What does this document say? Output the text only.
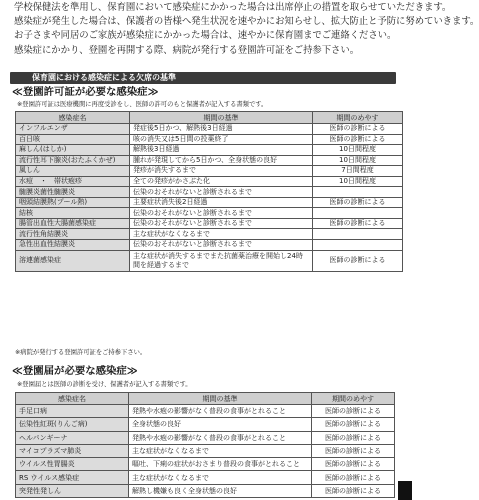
学校保健法を準用し、保育園において感染症にかかった場合は出席停止の措置を取らせていただきます。

感染症が発生した場合は、保護者の皆様へ発生状況を速やかにお知らせし、拡大防止と予防に努めていきます。

お子さまや同居のご家族が感染症にかかった場合は、速やかに保育園までご連絡ください。

感染症にかかり、登園を再開する際、病院が発行する登園許可証をご持参下さい。

保育園における感染症による欠席の基準
≪登園許可証が必要な感染症≫
※登園許可証は医療機関に再度受診をし、医師の許可のもと保護者が記入する書類です。
感染症名	期間の基準	期間のめやす
インフルエンザ	発症後5日かつ、解熱後3日経過	医師の診断による
百日咳	咳の消失又は5日間の投薬終了	医師の診断による
麻しん(はしか)	解熱後3日経過	10日間程度
流行性耳下腺炎(おたふくかぜ)	腫れが発現してから5日かつ、全身状態の良好	10日間程度
風しん	発疹が消失するまで	7日間程度
水痘　・　帯状疱疹	全ての発疹がかさぶた化	10日間程度
髄膜炎菌性髄膜炎	伝染のおそれがないと診断されるまで	
咽頭結膜熱(プール熱)	主要症状消失後2日経過	医師の診断による
結核	伝染のおそれがないと診断されるまで	
腸管出血性大腸菌感染症	伝染のおそれがないと診断されるまで	医師の診断による
流行性角結膜炎	主な症状がなくなるまで	
急性出血性結膜炎	伝染のおそれがないと診断されるまで	
溶連菌感染症	主な症状が消失するまでまた抗菌薬治療を開始し24時間を経過するまで	医師の診断による
※病院が発行する登園許可証をご持参下さい。
≪登園届が必要な感染症≫
※登園届とは医師の診断を受け、保護者が記入する書類です。
感染症名	期間の基準	期間のめやす
手足口病	発熱や水疱の影響がなく普段の食事がとれること	医師の診断による
伝染性紅斑(りんご病)	全身状態の良好	医師の診断による
ヘルパンギーナ	発熱や水疱の影響がなく普段の食事がとれること	医師の診断による
マイコプラズマ肺炎	主な症状がなくなるまで	医師の診断による
ウイルス性胃腸炎	嘔吐、下痢の症状がおさまり普段の食事がとれること	医師の診断による
RS ウイルス感染症	主な症状がなくなるまで	医師の診断による
突発性発しん	解熱し機嫌も良く全身状態の良好	医師の診断による
